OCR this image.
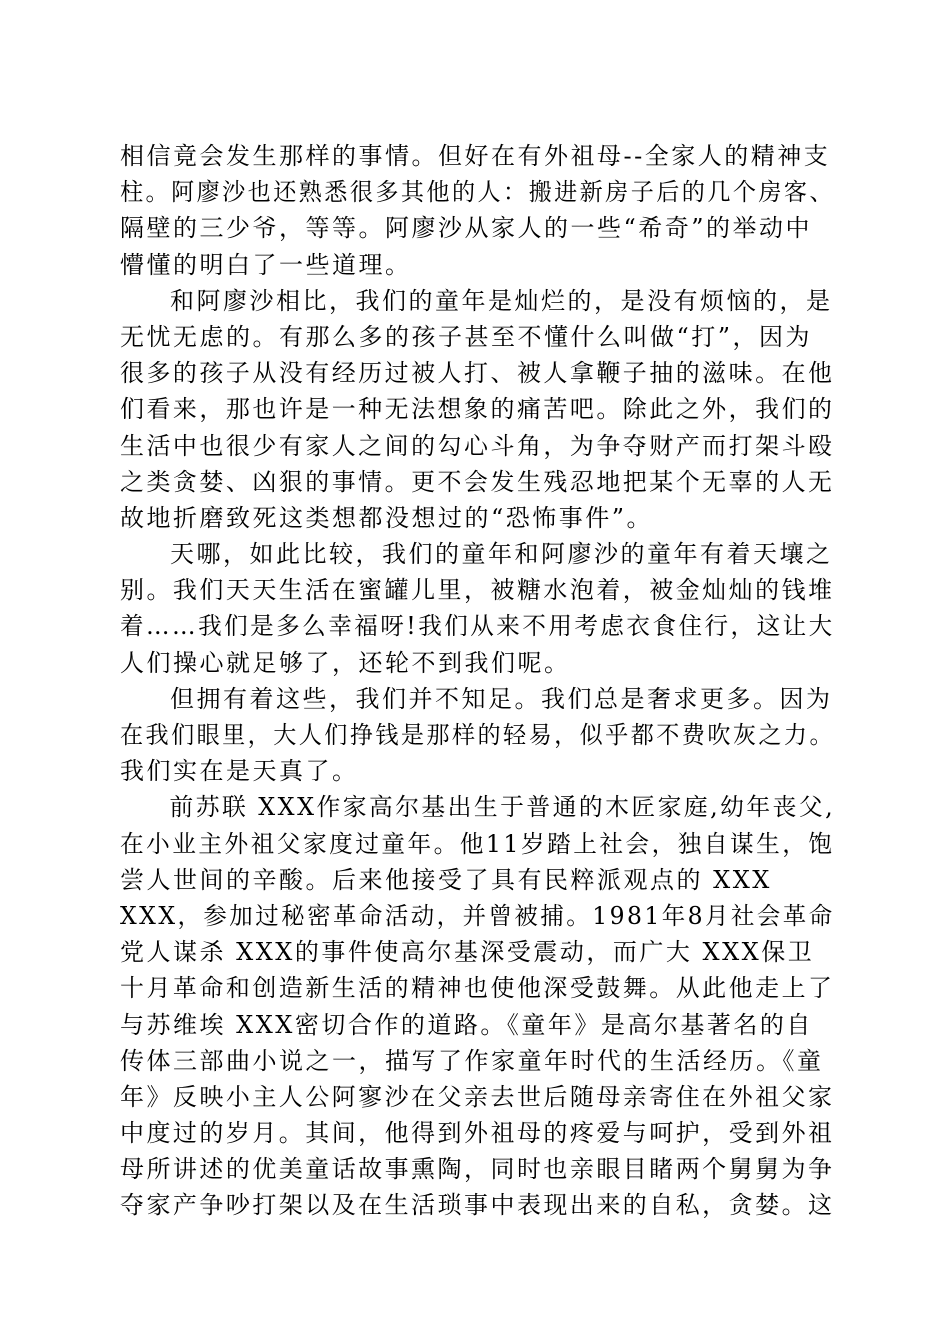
相信竟会发生那样的事情。但好在有外祖母--全家人的精神支
柱。阿廖沙也还熟悉很多其他的人：搬进新房子后的几个房客、
隔壁的三少爷，等等。阿廖沙从家人的一些“希奇”的举动中
懵懂的明白了一些道理。
和阿廖沙相比，我们的童年是灿烂的，是没有烦恼的，是
无忧无虑的。有那么多的孩子甚至不懂什么叫做“打”，因为
很多的孩子从没有经历过被人打、被人拿鞭子抽的滋味。在他
们看来，那也许是一种无法想象的痛苦吧。除此之外，我们的
生活中也很少有家人之间的勾心斗角，为争夺财产而打架斗殴
之类贪婪、凶狠的事情。更不会发生残忍地把某个无辜的人无
故地折磨致死这类想都没想过的“恐怖事件”。
天哪，如此比较，我们的童年和阿廖沙的童年有着天壤之
别。我们天天生活在蜜罐儿里，被糖水泡着，被金灿灿的钱堆
着……我们是多么幸福呀!我们从来不用考虑衣食住行，这让大
人们操心就足够了，还轮不到我们呢。
但拥有着这些，我们并不知足。我们总是奢求更多。因为
在我们眼里，大人们挣钱是那样的轻易，似乎都不费吹灰之力。
我们实在是天真了。
前苏联 XXX作家高尔基出生于普通的木匠家庭,幼年丧父,
在小业主外祖父家度过童年。他11岁踏上社会，独自谋生，饱
尝人世间的辛酸。后来他接受了具有民粹派观点的 XXX
XXX，参加过秘密革命活动，并曾被捕。1981年8月社会革命
党人谋杀 XXX的事件使高尔基深受震动，而广大 XXX保卫
十月革命和创造新生活的精神也使他深受鼓舞。从此他走上了
与苏维埃 XXX密切合作的道路。《童年》是高尔基著名的自
传体三部曲小说之一，描写了作家童年时代的生活经历。《童
年》反映小主人公阿寥沙在父亲去世后随母亲寄住在外祖父家
中度过的岁月。其间，他得到外祖母的疼爱与呵护，受到外祖
母所讲述的优美童话故事熏陶，同时也亲眼目睹两个舅舅为争
夺家产争吵打架以及在生活琐事中表现出来的自私，贪婪。这
